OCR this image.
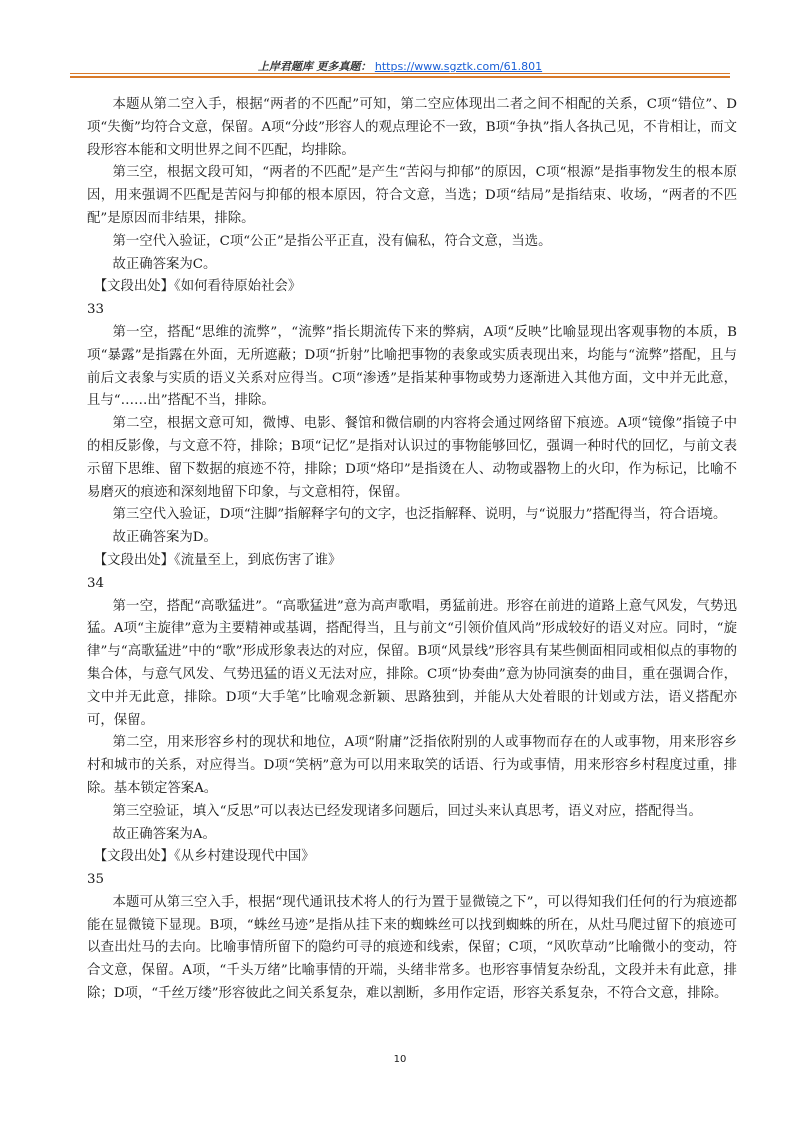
上岸君题库 更多真题： https://www.sgztk.com/61.801

本题从第二空入手，根据“两者的不匹配”可知，第二空应体现出二者之间不相配的关系，C项“错位”、D项“失衡”均符合文意，保留。A项“分歧”形容人的观点理论不一致，B项“争执”指人各执己见，不肯相让，而文段形容本能和文明世界之间不匹配，均排除。

第三空，根据文段可知，“两者的不匹配”是产生“苦闷与抑郁”的原因，C项“根源”是指事物发生的根本原因，用来强调不匹配是苦闷与抑郁的根本原因，符合文意，当选；D项“结局”是指结束、收场，“两者的不匹配”是原因而非结果，排除。

第一空代入验证，C项“公正”是指公平正直，没有偏私，符合文意，当选。

故正确答案为C。

【文段出处】《如何看待原始社会》

33

第一空，搭配“思维的流弊”，“流弊”指长期流传下来的弊病，A项“反映”比喻显现出客观事物的本质，B项“暴露”是指露在外面，无所遮蔽；D项“折射”比喻把事物的表象或实质表现出来，均能与“流弊”搭配，且与前后文表象与实质的语义关系对应得当。C项“渗透”是指某种事物或势力逐渐进入其他方面，文中并无此意，且与“……出”搭配不当，排除。

第二空，根据文意可知，微博、电影、餐馆和微信刷的内容将会通过网络留下痕迹。A项“镜像”指镜子中的相反影像，与文意不符，排除；B项“记忆”是指对认识过的事物能够回忆，强调一种时代的回忆，与前文表示留下思维、留下数据的痕迹不符，排除；D项“烙印”是指烫在人、动物或器物上的火印，作为标记，比喻不易磨灭的痕迹和深刻地留下印象，与文意相符，保留。

第三空代入验证，D项“注脚”指解释字句的文字，也泛指解释、说明，与“说服力”搭配得当，符合语境。

故正确答案为D。

【文段出处】《流量至上，到底伤害了谁》

34

第一空，搭配“高歌猛进”。“高歌猛进”意为高声歌唱，勇猛前进。形容在前进的道路上意气风发，气势迅猛。A项“主旋律”意为主要精神或基调，搭配得当，且与前文“引领价值风尚”形成较好的语义对应。同时，“旋律”与“高歌猛进”中的“歌”形成形象表达的对应，保留。B项“风景线”形容具有某些侧面相同或相似点的事物的集合体，与意气风发、气势迅猛的语义无法对应，排除。C项“协奏曲”意为协同演奏的曲目，重在强调合作，文中并无此意，排除。D项“大手笔”比喻观念新颖、思路独到，并能从大处着眼的计划或方法，语义搭配亦可，保留。

第二空，用来形容乡村的现状和地位，A项“附庸”泛指依附别的人或事物而存在的人或事物，用来形容乡村和城市的关系，对应得当。D项“笑柄”意为可以用来取笑的话语、行为或事情，用来形容乡村程度过重，排除。基本锁定答案A。

第三空验证，填入“反思”可以表达已经发现诸多问题后，回过头来认真思考，语义对应，搭配得当。

故正确答案为A。

【文段出处】《从乡村建设现代中国》

35

本题可从第三空入手，根据“现代通讯技术将人的行为置于显微镜之下”，可以得知我们任何的行为痕迹都能在显微镜下显现。B项，“蛛丝马迹”是指从挂下来的蜘蛛丝可以找到蜘蛛的所在，从灶马爬过留下的痕迹可以查出灶马的去向。比喻事情所留下的隐约可寻的痕迹和线索，保留；C项，“风吹草动”比喻微小的变动，符合文意，保留。A项，“千头万绪”比喻事情的开端，头绪非常多。也形容事情复杂纷乱，文段并未有此意，排除；D项，“千丝万缕”形容彼此之间关系复杂，难以割断，多用作定语，形容关系复杂，不符合文意，排除。

10
